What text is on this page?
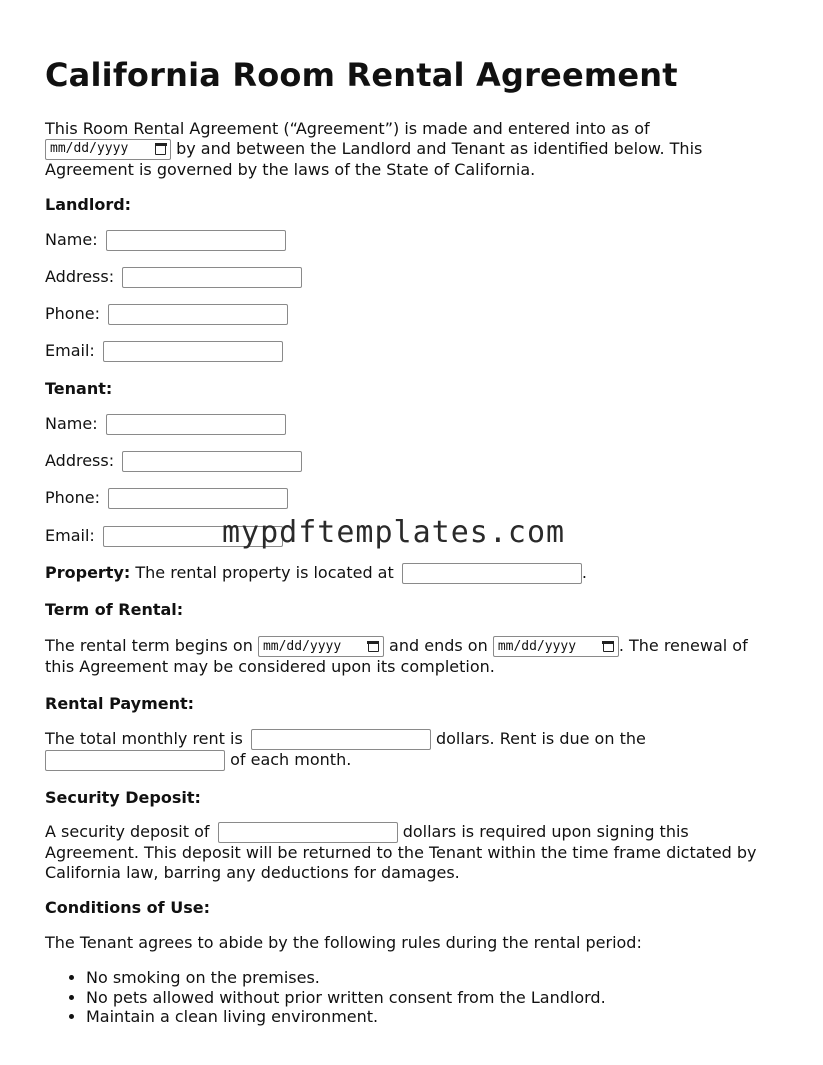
California Room Rental Agreement

This Room Rental Agreement (“Agreement”) is made and entered into as of

mm/dd/yyyy	by and between the Landlord and Tenant as identified below. This Agreement is governed by the laws of the State of California.

Landlord:

Name:

Address:

Phone:

Email:

Tenant:

Name:

Address:

Phone:

Email:

Property: The rental property is located at	.

Term of Rental:

The rental term begins on mm/dd/yyyy	and ends on mm/dd/yyyy	. The renewal of this Agreement may be considered upon its completion.

Rental Payment:

The total monthly rent is	dollars. Rent is due on the
of each month.

Security Deposit:

A security deposit of	dollars is required upon signing this Agreement. This deposit will be returned to the Tenant within the time frame dictated by California law, barring any deductions for damages.

Conditions of Use:

The Tenant agrees to abide by the following rules during the rental period:

• No smoking on the premises.
• No pets allowed without prior written consent from the Landlord.
• Maintain a clean living environment.
mypdftemplates.com
